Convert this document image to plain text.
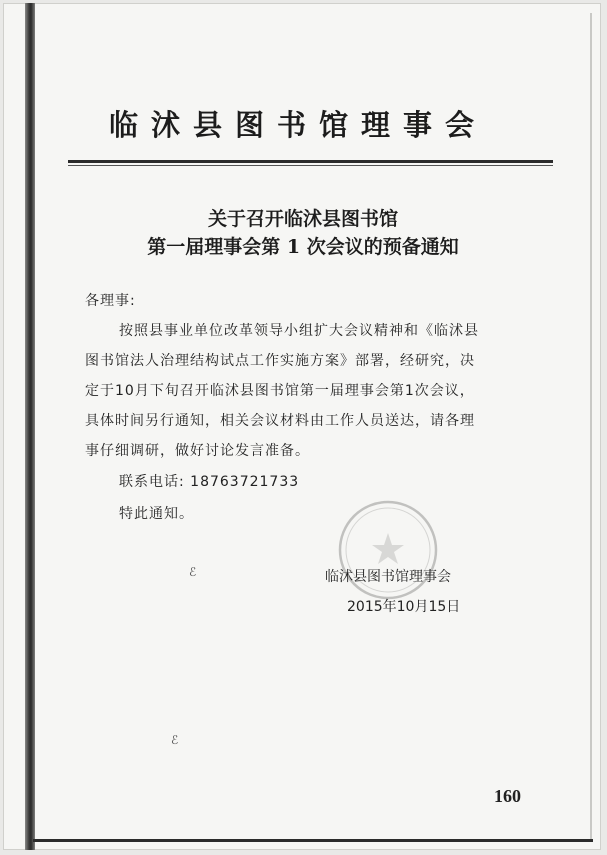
临沭县图书馆理事会
关于召开临沭县图书馆
第一届理事会第 1 次会议的预备通知
各理事:
按照县事业单位改革领导小组扩大会议精神和《临沭县
图书馆法人治理结构试点工作实施方案》部署，经研究，决
定于10月下旬召开临沭县图书馆第一届理事会第1次会议，
具体时间另行通知，相关会议材料由工作人员送达，请各理
事仔细调研，做好讨论发言准备。
联系电话: 18763721733
特此通知。
ℰ
ℰ
临沭县图书馆理事会
2015年10月15日
160
